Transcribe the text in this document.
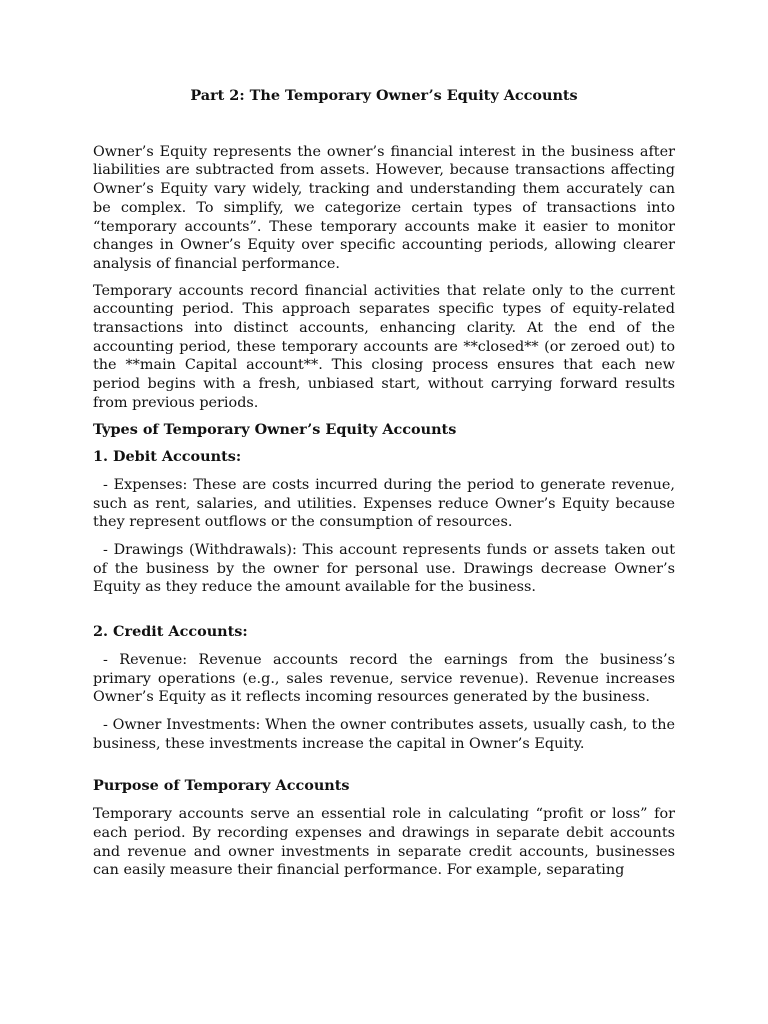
Part 2: The Temporary Owner’s Equity Accounts

Owner’s Equity represents the owner’s financial interest in the business after liabilities are subtracted from assets. However, because transactions affecting Owner’s Equity vary widely, tracking and understanding them accurately can be complex. To simplify, we categorize certain types of transactions into “temporary accounts”. These temporary accounts make it easier to monitor changes in Owner’s Equity over specific accounting periods, allowing clearer analysis of financial performance.

Temporary accounts record financial activities that relate only to the current accounting period. This approach separates specific types of equity-related transactions into distinct accounts, enhancing clarity. At the end of the accounting period, these temporary accounts are **closed** (or zeroed out) to the **main Capital account**. This closing process ensures that each new period begins with a fresh, unbiased start, without carrying forward results from previous periods.

Types of Temporary Owner’s Equity Accounts

1. Debit Accounts:

- Expenses: These are costs incurred during the period to generate revenue, such as rent, salaries, and utilities. Expenses reduce Owner’s Equity because they represent outflows or the consumption of resources.

- Drawings (Withdrawals): This account represents funds or assets taken out of the business by the owner for personal use. Drawings decrease Owner’s Equity as they reduce the amount available for the business.

2. Credit Accounts:

- Revenue: Revenue accounts record the earnings from the business’s primary operations (e.g., sales revenue, service revenue). Revenue increases Owner’s Equity as it reflects incoming resources generated by the business.

- Owner Investments: When the owner contributes assets, usually cash, to the business, these investments increase the capital in Owner’s Equity.

Purpose of Temporary Accounts

Temporary accounts serve an essential role in calculating “profit or loss” for each period. By recording expenses and drawings in separate debit accounts and revenue and owner investments in separate credit accounts, businesses can easily measure their financial performance. For example, separating
